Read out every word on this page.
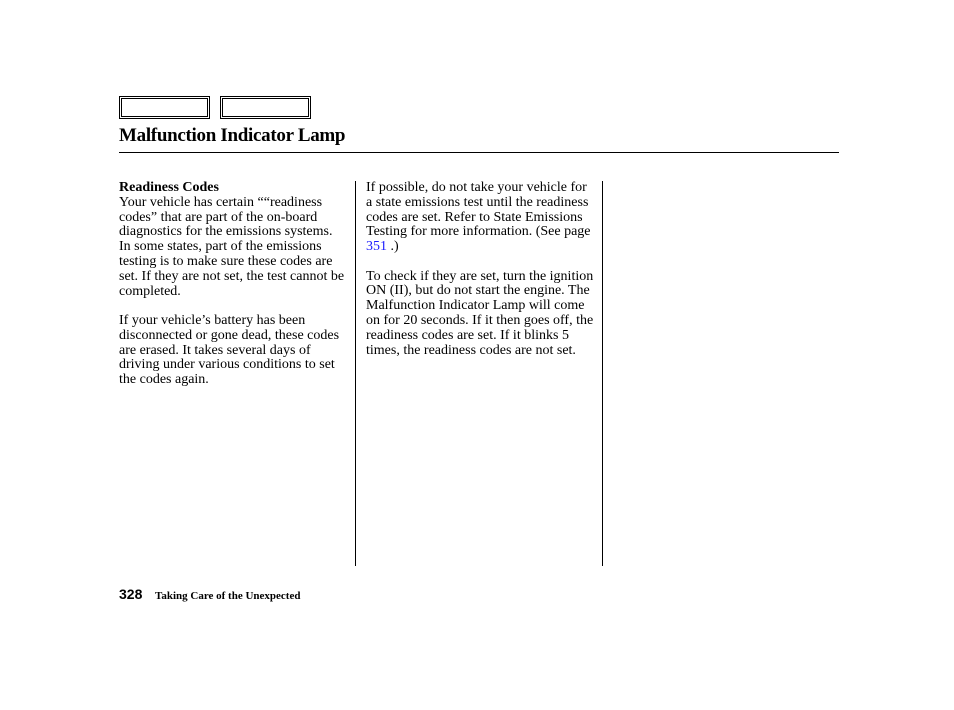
Malfunction Indicator Lamp
Readiness Codes

Your vehicle has certain ““readiness codes” that are part of the on-board diagnostics for the emissions systems. In some states, part of the emissions testing is to make sure these codes are set. If they are not set, the test cannot be completed.

If your vehicle’s battery has been disconnected or gone dead, these codes are erased. It takes several days of driving under various conditions to set the codes again.

If possible, do not take your vehicle for a state emissions test until the readiness codes are set. Refer to State Emissions Testing for more information. (See page 351 .)

To check if they are set, turn the ignition ON (II), but do not start the engine. The Malfunction Indicator Lamp will come on for 20 seconds. If it then goes off, the readiness codes are set. If it blinks 5 times, the readiness codes are not set.

328 Taking Care of the Unexpected
